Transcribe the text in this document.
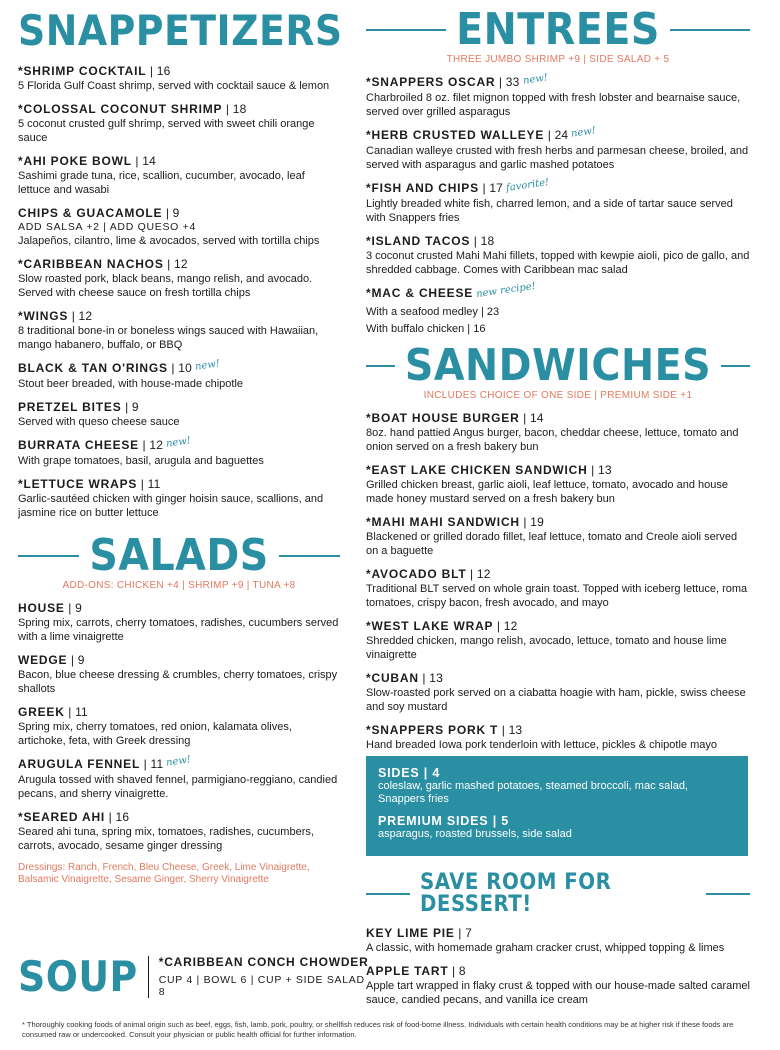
SNAPPETIZERS
*SHRIMP COCKTAIL | 16
5 Florida Gulf Coast shrimp, served with cocktail sauce & lemon
*COLOSSAL COCONUT SHRIMP | 18
5 coconut crusted gulf shrimp, served with sweet chili orange sauce
*AHI POKE BOWL | 14
Sashimi grade tuna, rice, scallion, cucumber, avocado, leaf lettuce and wasabi
CHIPS & GUACAMOLE | 9
ADD SALSA +2 | ADD QUESO +4
Jalapeños, cilantro, lime & avocados, served with tortilla chips
*CARIBBEAN NACHOS | 12
Slow roasted pork, black beans, mango relish, and avocado. Served with cheese sauce on fresh tortilla chips
*WINGS | 12
8 traditional bone-in or boneless wings sauced with Hawaiian, mango habanero, buffalo, or BBQ
BLACK & TAN O'RINGS | 10 new!
Stout beer breaded, with house-made chipotle
PRETZEL BITES | 9
Served with queso cheese sauce
BURRATA CHEESE | 12 new!
With grape tomatoes, basil, arugula and baguettes
*LETTUCE WRAPS | 11
Garlic-sautéed chicken with ginger hoisin sauce, scallions, and jasmine rice on butter lettuce
SALADS
ADD-ONS: CHICKEN +4 | SHRIMP +9 | TUNA +8
HOUSE | 9
Spring mix, carrots, cherry tomatoes, radishes, cucumbers served with a lime vinaigrette
WEDGE | 9
Bacon, blue cheese dressing & crumbles, cherry tomatoes, crispy shallots
GREEK | 11
Spring mix, cherry tomatoes, red onion, kalamata olives, artichoke, feta, with Greek dressing
ARUGULA FENNEL | 11 new!
Arugula tossed with shaved fennel, parmigiano-reggiano, candied pecans, and sherry vinaigrette.
*SEARED AHI | 16
Seared ahi tuna, spring mix, tomatoes, radishes, cucumbers, carrots, avocado, sesame ginger dressing
Dressings: Ranch, French, Bleu Cheese, Greek, Lime Vinaigrette, Balsamic Vinaigrette, Sesame Ginger, Sherry Vinaigrette
SOUP	*CARIBBEAN CONCH CHOWDER
CUP 4 | BOWL 6 | CUP + SIDE SALAD 8
ENTREES
THREE JUMBO SHRIMP +9 | SIDE SALAD + 5
*SNAPPERS OSCAR | 33 new!
Charbroiled 8 oz. filet mignon topped with fresh lobster and bearnaise sauce, served over grilled asparagus
*HERB CRUSTED WALLEYE | 24 new!
Canadian walleye crusted with fresh herbs and parmesan cheese, broiled, and served with asparagus and garlic mashed potatoes
*FISH AND CHIPS | 17 favorite!
Lightly breaded white fish, charred lemon, and a side of tartar sauce served with Snappers fries
*ISLAND TACOS | 18
3 coconut crusted Mahi Mahi fillets, topped with kewpie aioli, pico de gallo, and shredded cabbage. Comes with Caribbean mac salad
*MAC & CHEESE new recipe!
With a seafood medley | 23
With buffalo chicken | 16
SANDWICHES
INCLUDES CHOICE OF ONE SIDE | PREMIUM SIDE +1
*BOAT HOUSE BURGER | 14
8oz. hand pattied Angus burger, bacon, cheddar cheese, lettuce, tomato and onion served on a fresh bakery bun
*EAST LAKE CHICKEN SANDWICH | 13
Grilled chicken breast, garlic aioli, leaf lettuce, tomato, avocado and house made honey mustard served on a fresh bakery bun
*MAHI MAHI SANDWICH | 19
Blackened or grilled dorado fillet, leaf lettuce, tomato and Creole aioli served on a baguette
*AVOCADO BLT | 12
Traditional BLT served on whole grain toast. Topped with iceberg lettuce, roma tomatoes, crispy bacon, fresh avocado, and mayo
*WEST LAKE WRAP | 12
Shredded chicken, mango relish, avocado, lettuce, tomato and house lime vinaigrette
*CUBAN | 13
Slow-roasted pork served on a ciabatta hoagie with ham, pickle, swiss cheese and soy mustard
*SNAPPERS PORK T | 13
Hand breaded Iowa pork tenderloin with lettuce, pickles & chipotle mayo
SIDES | 4
coleslaw, garlic mashed potatoes, steamed broccoli, mac salad, Snappers fries
PREMIUM SIDES | 5
asparagus, roasted brussels, side salad
SAVE ROOM FOR DESSERT!
KEY LIME PIE | 7
A classic, with homemade graham cracker crust, whipped topping & limes
APPLE TART | 8
Apple tart wrapped in flaky crust & topped with our house-made salted caramel sauce, candied pecans, and vanilla ice cream
* Thoroughly cooking foods of animal origin such as beef, eggs, fish, lamb, pork, poultry, or shellfish reduces risk of food-borne illness. Individuals with certain health conditions may be at higher risk if these foods are consumed raw or undercooked. Consult your physician or public health official for further information.
